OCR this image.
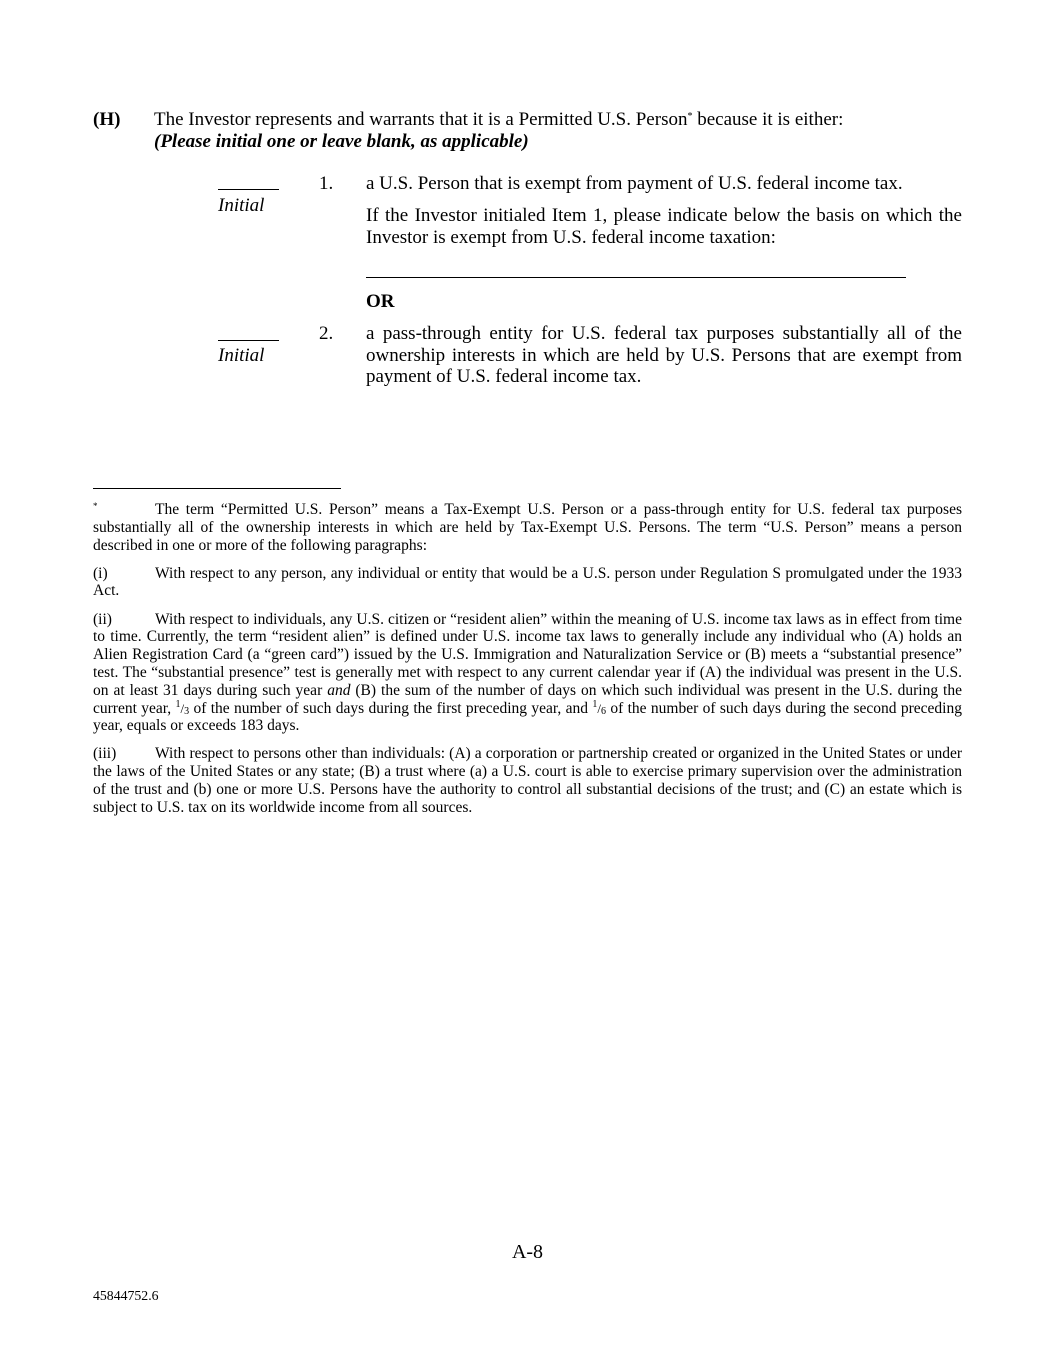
(H) The Investor represents and warrants that it is a Permitted U.S. Person* because it is either:
(Please initial one or leave blank, as applicable)
Initial
1. a U.S. Person that is exempt from payment of U.S. federal income tax.
If the Investor initialed Item 1, please indicate below the basis on which the Investor is exempt from U.S. federal income taxation:
OR
Initial
2. a pass-through entity for U.S. federal tax purposes substantially all of the ownership interests in which are held by U.S. Persons that are exempt from payment of U.S. federal income tax.

*	The term “Permitted U.S. Person” means a Tax-Exempt U.S. Person or a pass-through entity for U.S. federal tax purposes substantially all of the ownership interests in which are held by Tax-Exempt U.S. Persons. The term “U.S. Person” means a person described in one or more of the following paragraphs:

(i)	With respect to any person, any individual or entity that would be a U.S. person under Regulation S promulgated under the 1933 Act.

(ii)	With respect to individuals, any U.S. citizen or “resident alien” within the meaning of U.S. income tax laws as in effect from time to time. Currently, the term “resident alien” is defined under U.S. income tax laws to generally include any individual who (A) holds an Alien Registration Card (a “green card”) issued by the U.S. Immigration and Naturalization Service or (B) meets a “substantial presence” test. The “substantial presence” test is generally met with respect to any current calendar year if (A) the individual was present in the U.S. on at least 31 days during such year and (B) the sum of the number of days on which such individual was present in the U.S. during the current year, $^1$/3 of the number of such days during the first preceding year, and $^1$/6 of the number of such days during the second preceding year, equals or exceeds 183 days.

(iii)	With respect to persons other than individuals: (A) a corporation or partnership created or organized in the United States or under the laws of the United States or any state; (B) a trust where (a) a U.S. court is able to exercise primary supervision over the administration of the trust and (b) one or more U.S. Persons have the authority to control all substantial decisions of the trust; and (C) an estate which is subject to U.S. tax on its worldwide income from all sources.

A-8
45844752.6
